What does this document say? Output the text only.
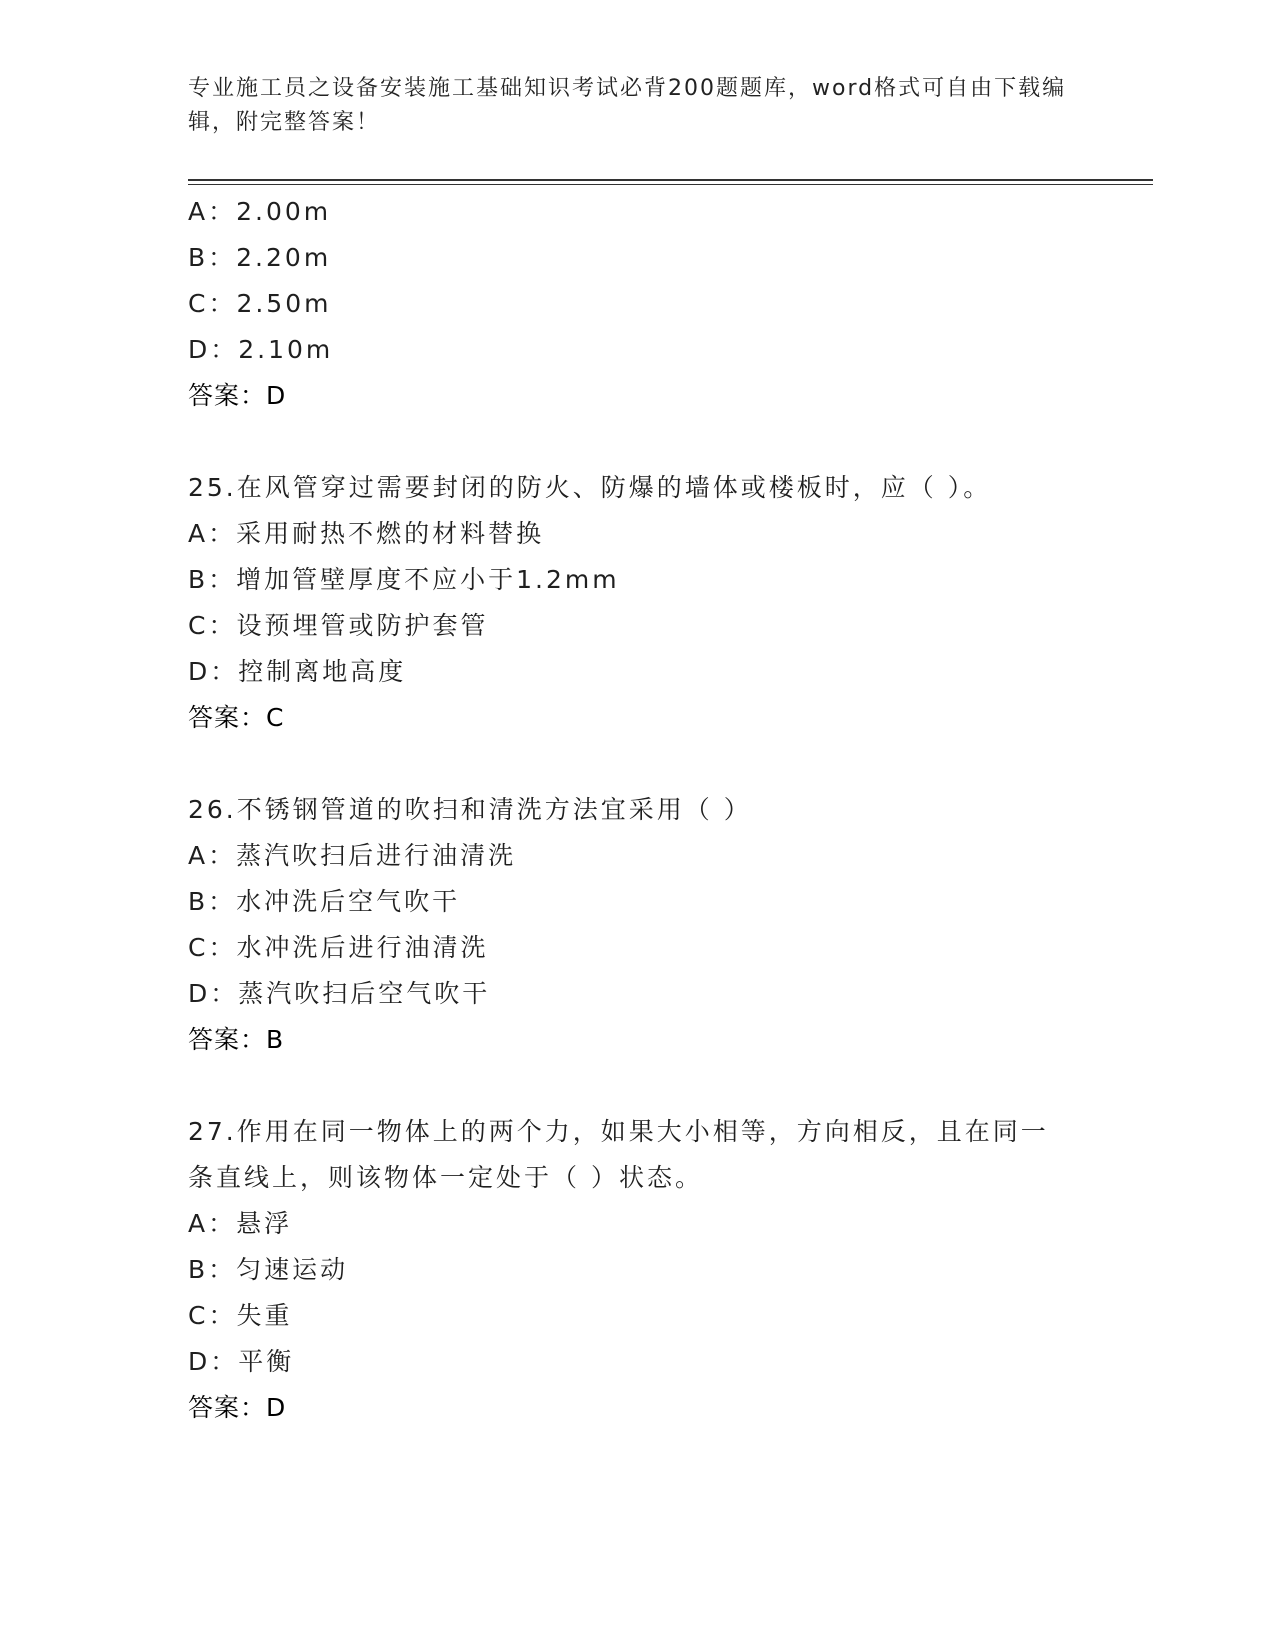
专业施工员之设备安装施工基础知识考试必背200题题库，word格式可自由下载编辑，附完整答案！
A：2.00m
B：2.20m
C：2.50m
D：2.10m
答案：D
25.在风管穿过需要封闭的防火、防爆的墙体或楼板时，应（ ）。
A：采用耐热不燃的材料替换
B：增加管壁厚度不应小于1.2mm
C：设预埋管或防护套管
D：控制离地高度
答案：C
26.不锈钢管道的吹扫和清洗方法宜采用（ ）
A：蒸汽吹扫后进行油清洗
B：水冲洗后空气吹干
C：水冲洗后进行油清洗
D：蒸汽吹扫后空气吹干
答案：B
27.作用在同一物体上的两个力，如果大小相等，方向相反，且在同一
条直线上，则该物体一定处于（ ）状态。
A：悬浮
B：匀速运动
C：失重
D：平衡
答案：D
